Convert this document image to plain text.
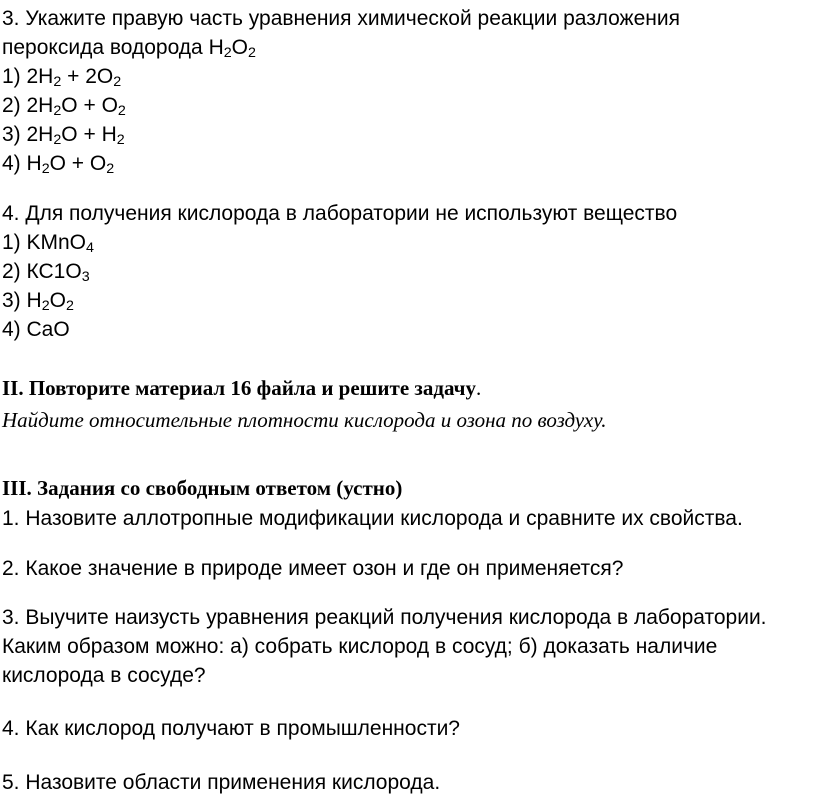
3. Укажите правую часть уравнения химической реакции разложения
пероксида водорода $H_2O_2$
1) $2H_2 + 2O_2$
2) $2H_2O + O_2$
3) $2H_2O + H_2$
4) $H_2O + O_2$
4. Для получения кислорода в лаборатории не используют вещество
1) KMnO$_4$
2) $КС1O_3$
3) $H_2O_2$
4) CaO
II. Повторите материал 16 файла и решите задачу.
Найдите относительные плотности кислорода и озона по воздуху.
III. Задания со свободным ответом (устно)
1. Назовите аллотропные модификации кислорода и сравните их свойства.
2. Какое значение в природе имеет озон и где он применяется?
3. Выучите наизусть уравнения реакций получения кислорода в лаборатории.
Каким образом можно: а) собрать кислород в сосуд; б) доказать наличие
кислорода в сосуде?
4. Как кислород получают в промышленности?
5. Назовите области применения кислорода.
